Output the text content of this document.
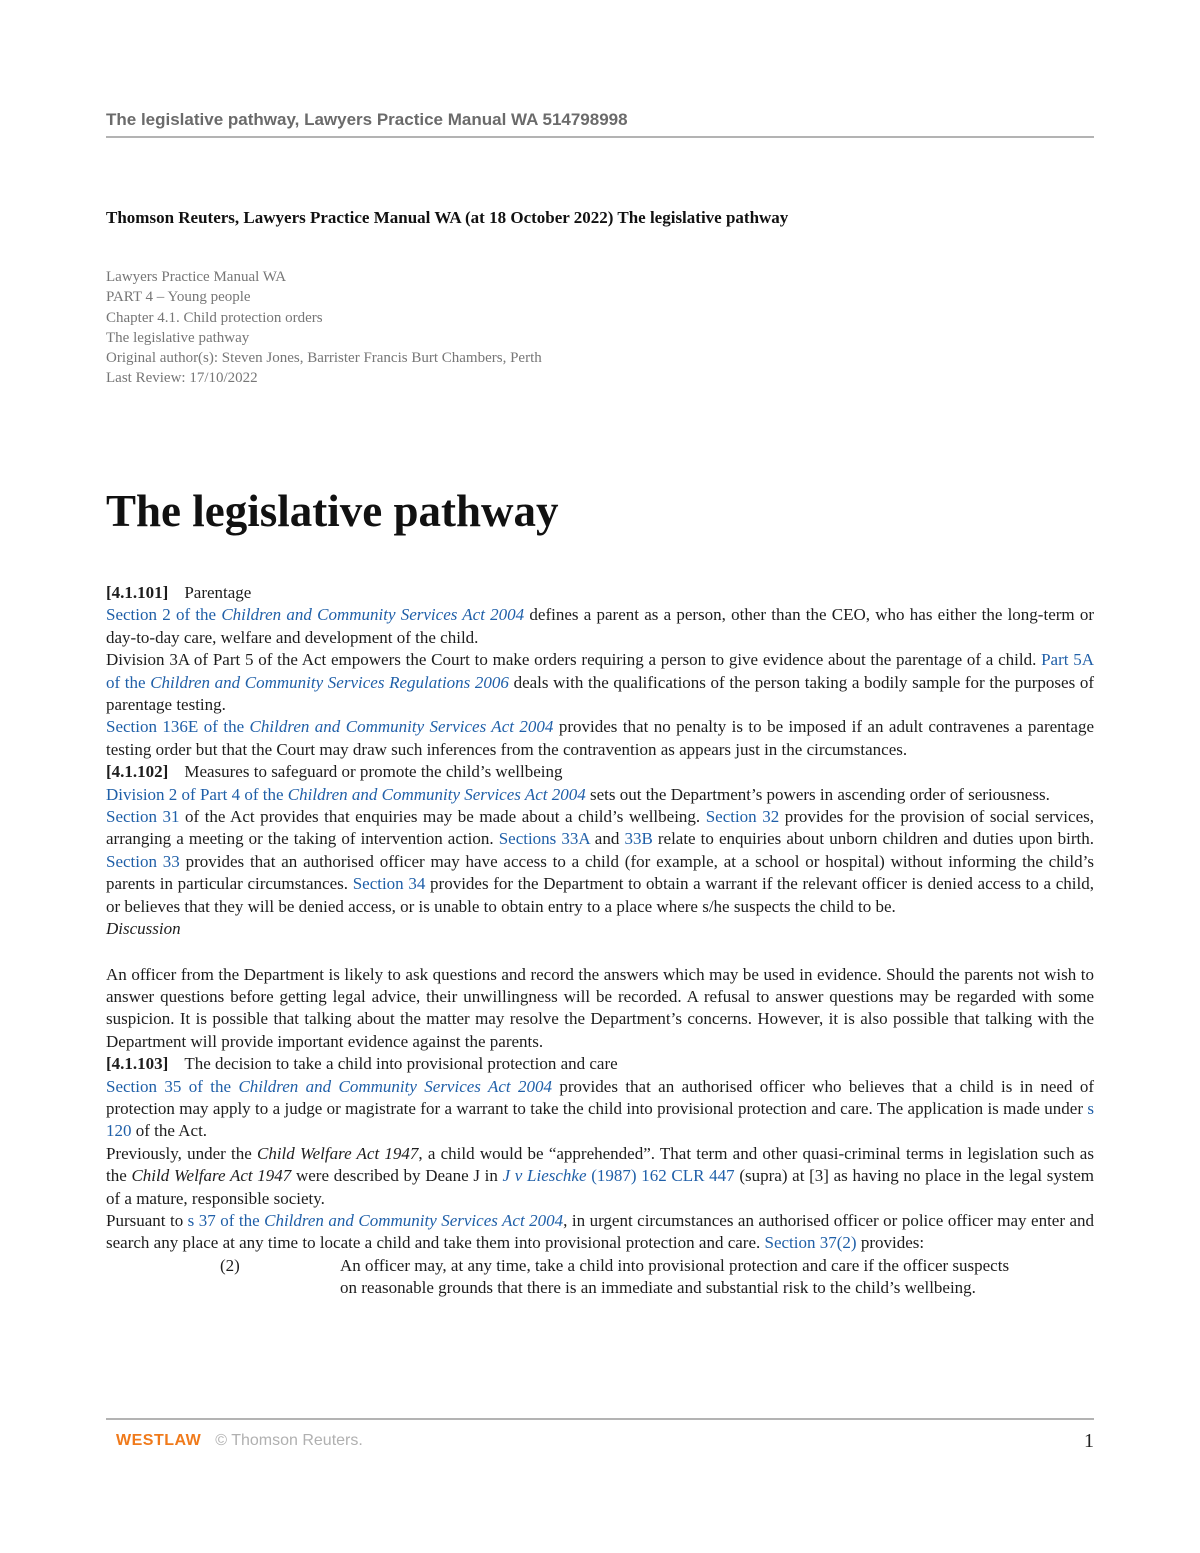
The legislative pathway, Lawyers Practice Manual WA 514798998
Thomson Reuters, Lawyers Practice Manual WA (at 18 October 2022) The legislative pathway
Lawyers Practice Manual WA
PART 4 – Young people
Chapter 4.1. Child protection orders
The legislative pathway
Original author(s): Steven Jones, Barrister Francis Burt Chambers, Perth
Last Review: 17/10/2022
The legislative pathway

[4.1.101] Parentage

Section 2 of the Children and Community Services Act 2004 defines a parent as a person, other than the CEO, who has either the long-term or day-to-day care, welfare and development of the child.

Division 3A of Part 5 of the Act empowers the Court to make orders requiring a person to give evidence about the parentage of a child. Part 5A of the Children and Community Services Regulations 2006 deals with the qualifications of the person taking a bodily sample for the purposes of parentage testing.

Section 136E of the Children and Community Services Act 2004 provides that no penalty is to be imposed if an adult contravenes a parentage testing order but that the Court may draw such inferences from the contravention as appears just in the circumstances.

[4.1.102] Measures to safeguard or promote the child’s wellbeing

Division 2 of Part 4 of the Children and Community Services Act 2004 sets out the Department’s powers in ascending order of seriousness.

Section 31 of the Act provides that enquiries may be made about a child’s wellbeing. Section 32 provides for the provision of social services, arranging a meeting or the taking of intervention action. Sections 33A and 33B relate to enquiries about unborn children and duties upon birth. Section 33 provides that an authorised officer may have access to a child (for example, at a school or hospital) without informing the child’s parents in particular circumstances. Section 34 provides for the Department to obtain a warrant if the relevant officer is denied access to a child, or believes that they will be denied access, or is unable to obtain entry to a place where s/he suspects the child to be.

Discussion

An officer from the Department is likely to ask questions and record the answers which may be used in evidence. Should the parents not wish to answer questions before getting legal advice, their unwillingness will be recorded. A refusal to answer questions may be regarded with some suspicion. It is possible that talking about the matter may resolve the Department’s concerns. However, it is also possible that talking with the Department will provide important evidence against the parents.

[4.1.103] The decision to take a child into provisional protection and care

Section 35 of the Children and Community Services Act 2004 provides that an authorised officer who believes that a child is in need of protection may apply to a judge or magistrate for a warrant to take the child into provisional protection and care. The application is made under s 120 of the Act.

Previously, under the Child Welfare Act 1947, a child would be “apprehended”. That term and other quasi-criminal terms in legislation such as the Child Welfare Act 1947 were described by Deane J in J v Lieschke (1987) 162 CLR 447 (supra) at [3] as having no place in the legal system of a mature, responsible society.

Pursuant to s 37 of the Children and Community Services Act 2004, in urgent circumstances an authorised officer or police officer may enter and search any place at any time to locate a child and take them into provisional protection and care. Section 37(2) provides:

(2)	An officer may, at any time, take a child into provisional protection and care if the officer suspects on reasonable grounds that there is an immediate and substantial risk to the child’s wellbeing.
WESTLAW © Thomson Reuters.	1
